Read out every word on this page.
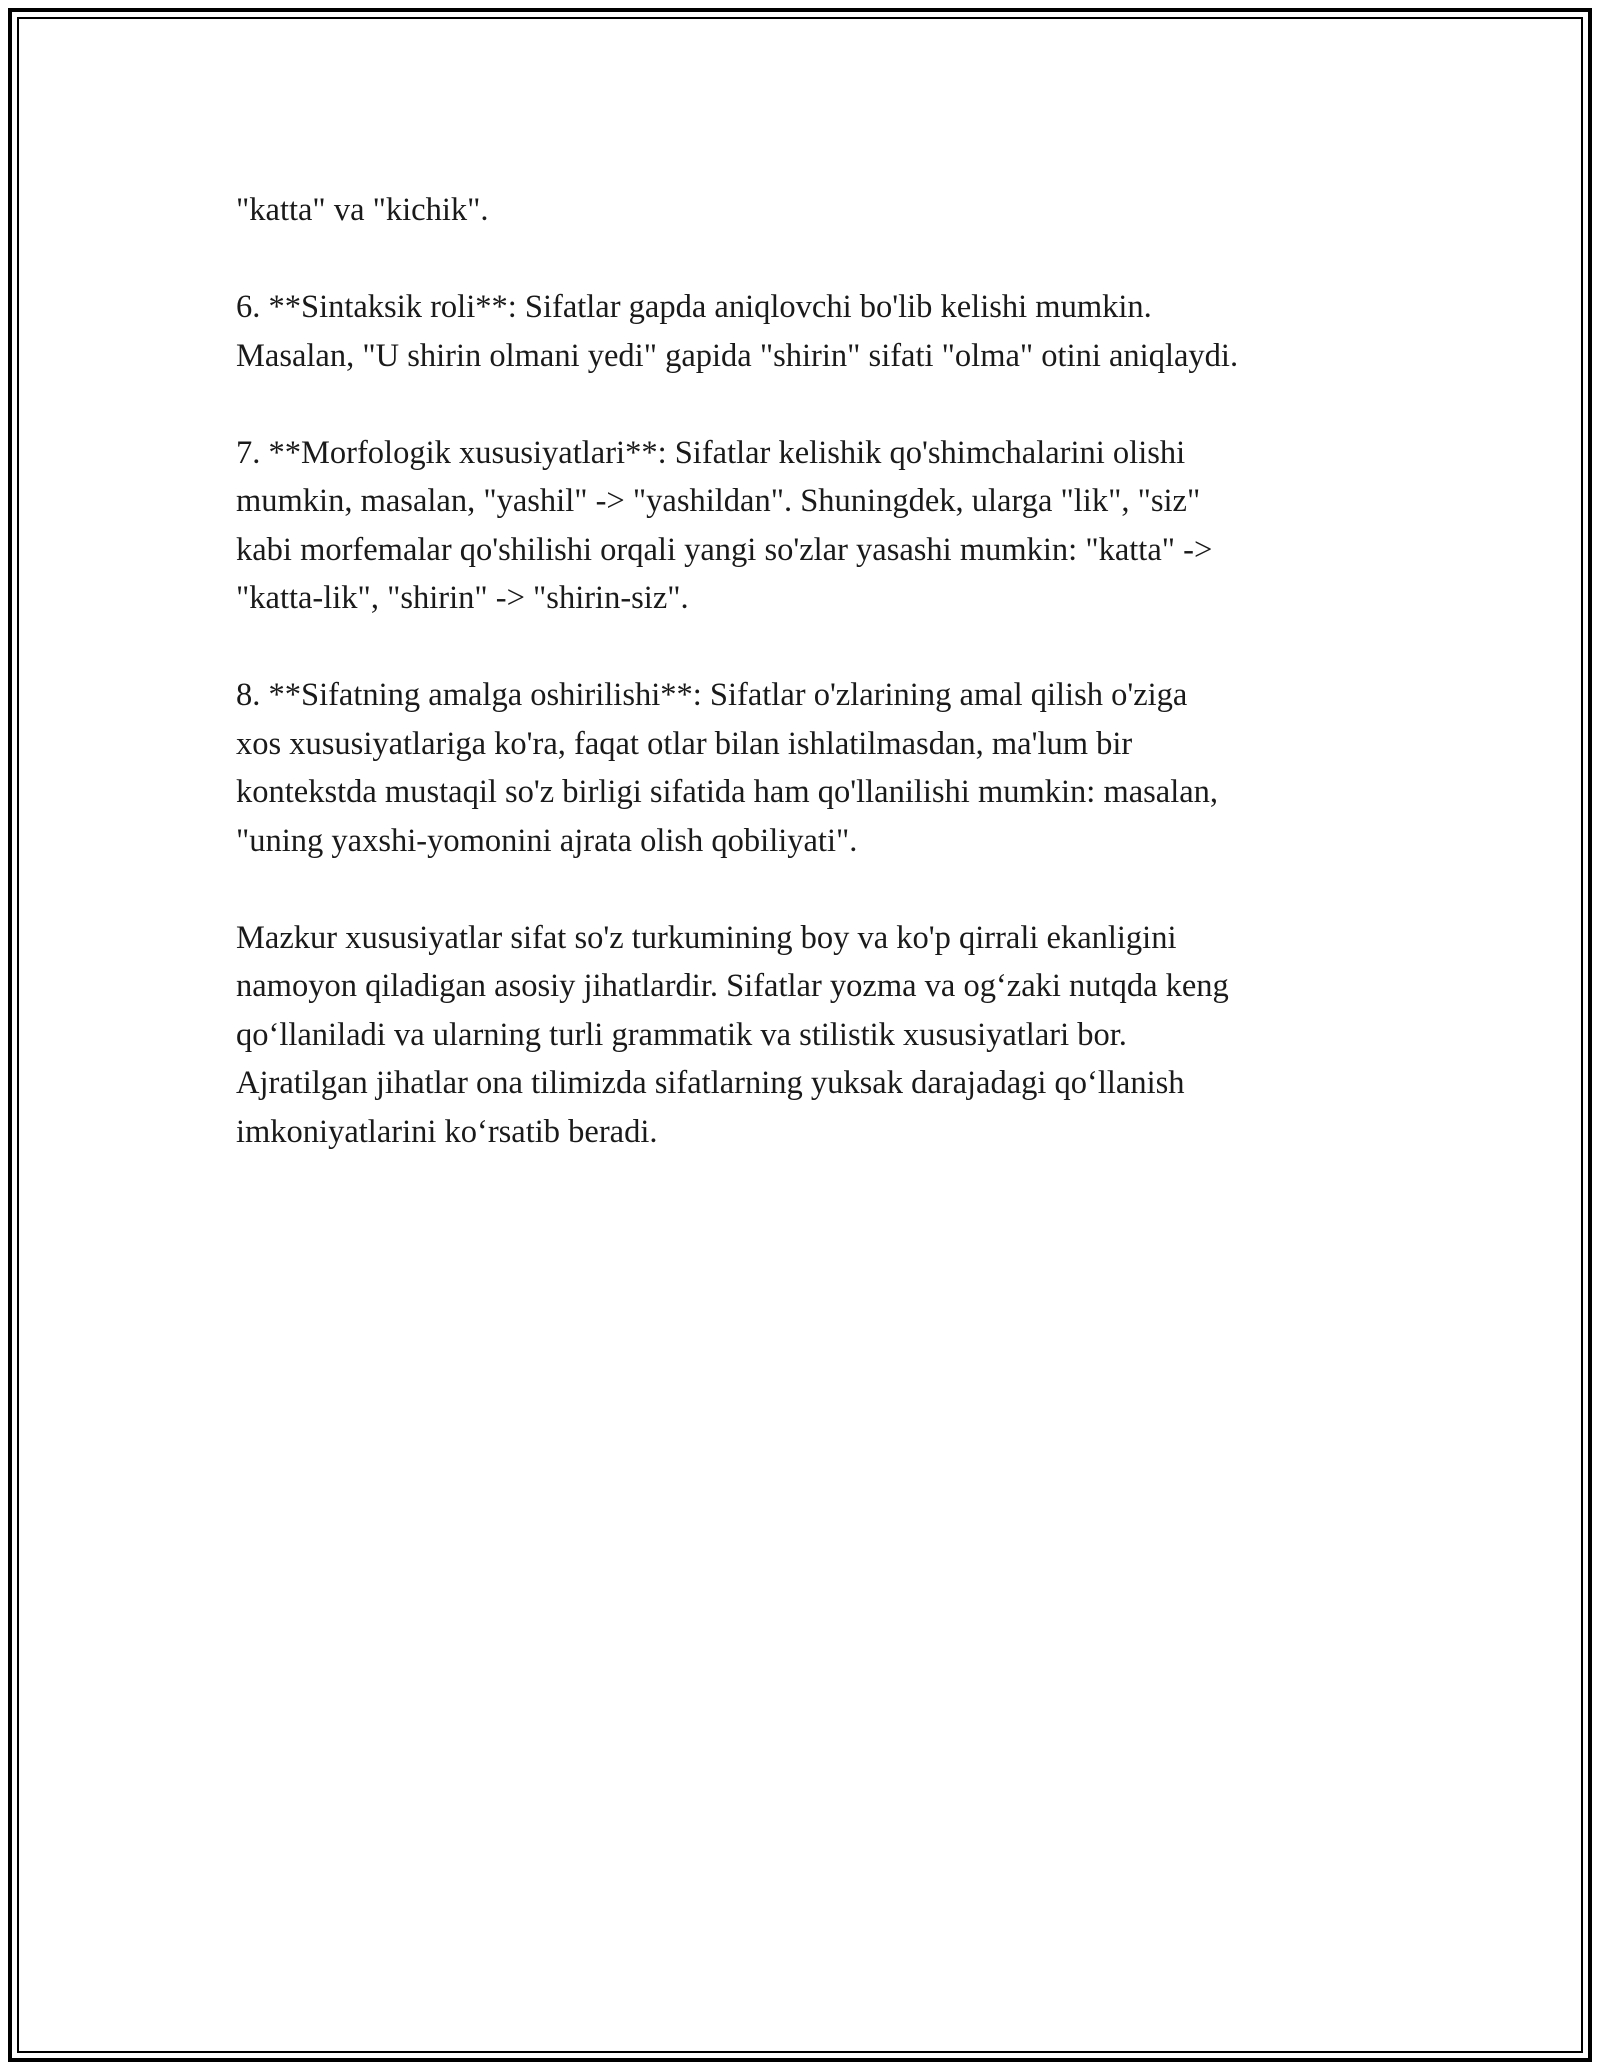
"katta" va "kichik".

6. **Sintaksik roli**: Sifatlar gapda aniqlovchi bo'lib kelishi mumkin.
Masalan, "U shirin olmani yedi" gapida "shirin" sifati "olma" otini aniqlaydi.

7. **Morfologik xususiyatlari**: Sifatlar kelishik qo'shimchalarini olishi
mumkin, masalan, "yashil" -> "yashildan". Shuningdek, ularga "lik", "siz"
kabi morfemalar qo'shilishi orqali yangi so'zlar yasashi mumkin: "katta" ->
"katta-lik", "shirin" -> "shirin-siz".

8. **Sifatning amalga oshirilishi**: Sifatlar o'zlarining amal qilish o'ziga
xos xususiyatlariga ko'ra, faqat otlar bilan ishlatilmasdan, ma'lum bir
kontekstda mustaqil so'z birligi sifatida ham qo'llanilishi mumkin: masalan,
"uning yaxshi-yomonini ajrata olish qobiliyati".

Mazkur xususiyatlar sifat so'z turkumining boy va ko'p qirrali ekanligini
namoyon qiladigan asosiy jihatlardir. Sifatlar yozma va og‘zaki nutqda keng
qo‘llaniladi va ularning turli grammatik va stilistik xususiyatlari bor.
Ajratilgan jihatlar ona tilimizda sifatlarning yuksak darajadagi qo‘llanish
imkoniyatlarini ko‘rsatib beradi.
